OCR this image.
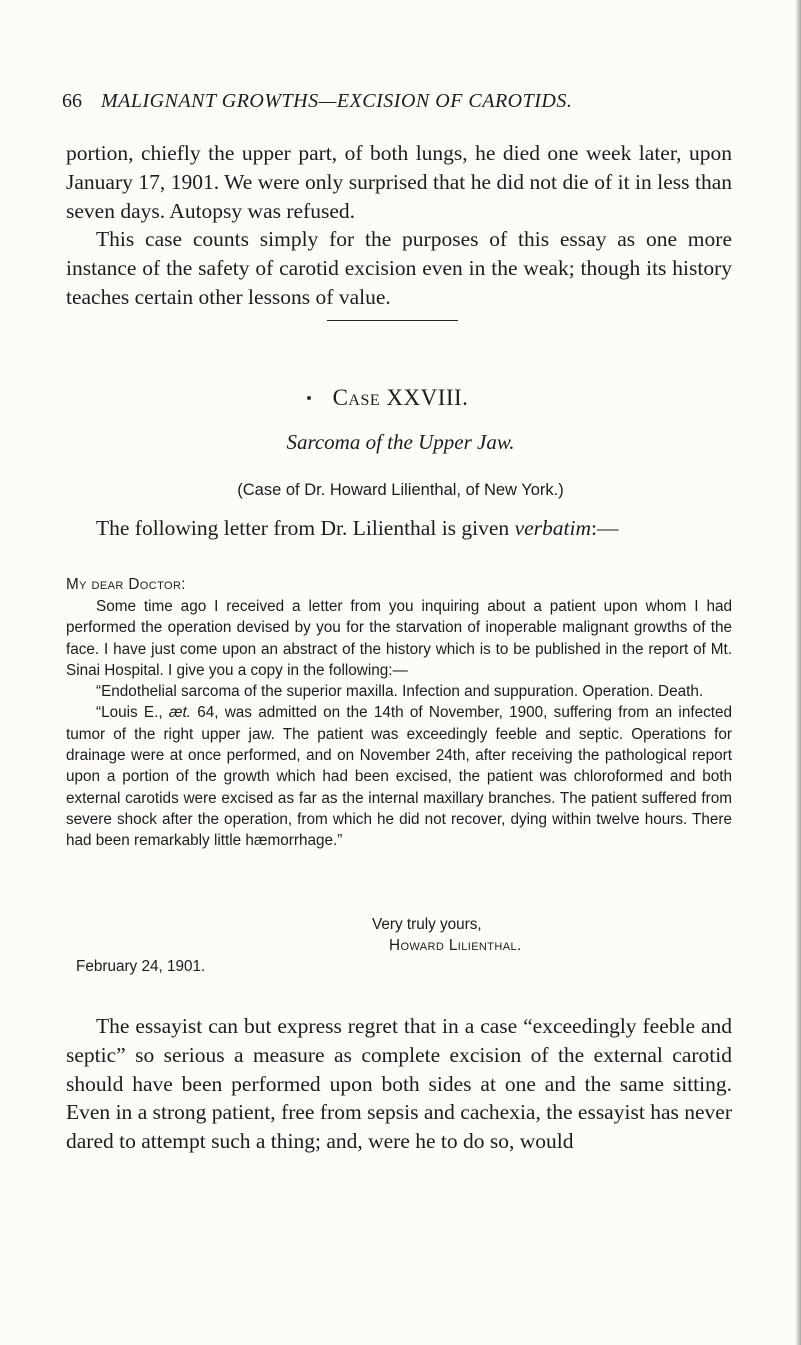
66 MALIGNANT GROWTHS—EXCISION OF CAROTIDS.

portion, chiefly the upper part, of both lungs, he died one week later, upon January 17, 1901. We were only surprised that he did not die of it in less than seven days. Autopsy was refused.

This case counts simply for the purposes of this essay as one more instance of the safety of carotid excision even in the weak; though its history teaches certain other lessons of value.

Case XXVIII.
Sarcoma of the Upper Jaw.
(Case of Dr. Howard Lilienthal, of New York.)

The following letter from Dr. Lilienthal is given verbatim:—

My dear Doctor:

Some time ago I received a letter from you inquiring about a patient upon whom I had performed the operation devised by you for the starvation of inoperable malignant growths of the face. I have just come upon an abstract of the history which is to be published in the report of Mt. Sinai Hospital. I give you a copy in the following:—

“Endothelial sarcoma of the superior maxilla. Infection and suppuration. Operation. Death.

“Louis E., æt. 64, was admitted on the 14th of November, 1900, suffering from an infected tumor of the right upper jaw. The patient was exceedingly feeble and septic. Operations for drainage were at once performed, and on November 24th, after receiving the pathological report upon a portion of the growth which had been excised, the patient was chloroformed and both external carotids were excised as far as the internal maxillary branches. The patient suffered from severe shock after the operation, from which he did not recover, dying within twelve hours. There had been remarkably little hæmorrhage.”

Very truly yours,
Howard Lilienthal.
February 24, 1901.

The essayist can but express regret that in a case “exceedingly feeble and septic” so serious a measure as complete excision of the external carotid should have been performed upon both sides at one and the same sitting. Even in a strong patient, free from sepsis and cachexia, the essayist has never dared to attempt such a thing; and, were he to do so, would
